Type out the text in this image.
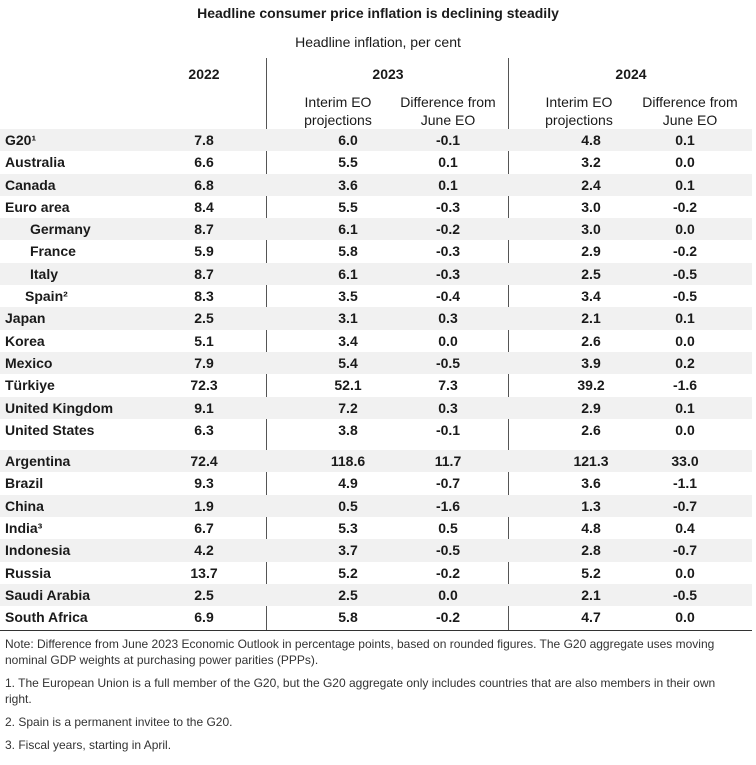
Headline consumer price inflation is declining steadily
Headline inflation, per cent
2022	2023	2024
Interim EO
projections
Difference from
June EO
Interim EO
projections
Difference from
June EO
G20¹	7.8	6.0	-0.1	4.8	0.1
Australia	6.6	5.5	0.1	3.2	0.0
Canada	6.8	3.6	0.1	2.4	0.1
Euro area	8.4	5.5	-0.3	3.0	-0.2
Germany	8.7	6.1	-0.2	3.0	0.0
France	5.9	5.8	-0.3	2.9	-0.2
Italy	8.7	6.1	-0.3	2.5	-0.5
Spain²	8.3	3.5	-0.4	3.4	-0.5
Japan	2.5	3.1	0.3	2.1	0.1
Korea	5.1	3.4	0.0	2.6	0.0
Mexico	7.9	5.4	-0.5	3.9	0.2
Türkiye	72.3	52.1	7.3	39.2	-1.6
United Kingdom	9.1	7.2	0.3	2.9	0.1
United States	6.3	3.8	-0.1	2.6	0.0
Argentina	72.4	118.6	11.7	121.3	33.0
Brazil	9.3	4.9	-0.7	3.6	-1.1
China	1.9	0.5	-1.6	1.3	-0.7
India³	6.7	5.3	0.5	4.8	0.4
Indonesia	4.2	3.7	-0.5	2.8	-0.7
Russia	13.7	5.2	-0.2	5.2	0.0
Saudi Arabia	2.5	2.5	0.0	2.1	-0.5
South Africa	6.9	5.8	-0.2	4.7	0.0

Note: Difference from June 2023 Economic Outlook in percentage points, based on rounded figures. The G20 aggregate uses moving nominal GDP weights at purchasing power parities (PPPs).

1. The European Union is a full member of the G20, but the G20 aggregate only includes countries that are also members in their own right.

2. Spain is a permanent invitee to the G20.

3. Fiscal years, starting in April.
